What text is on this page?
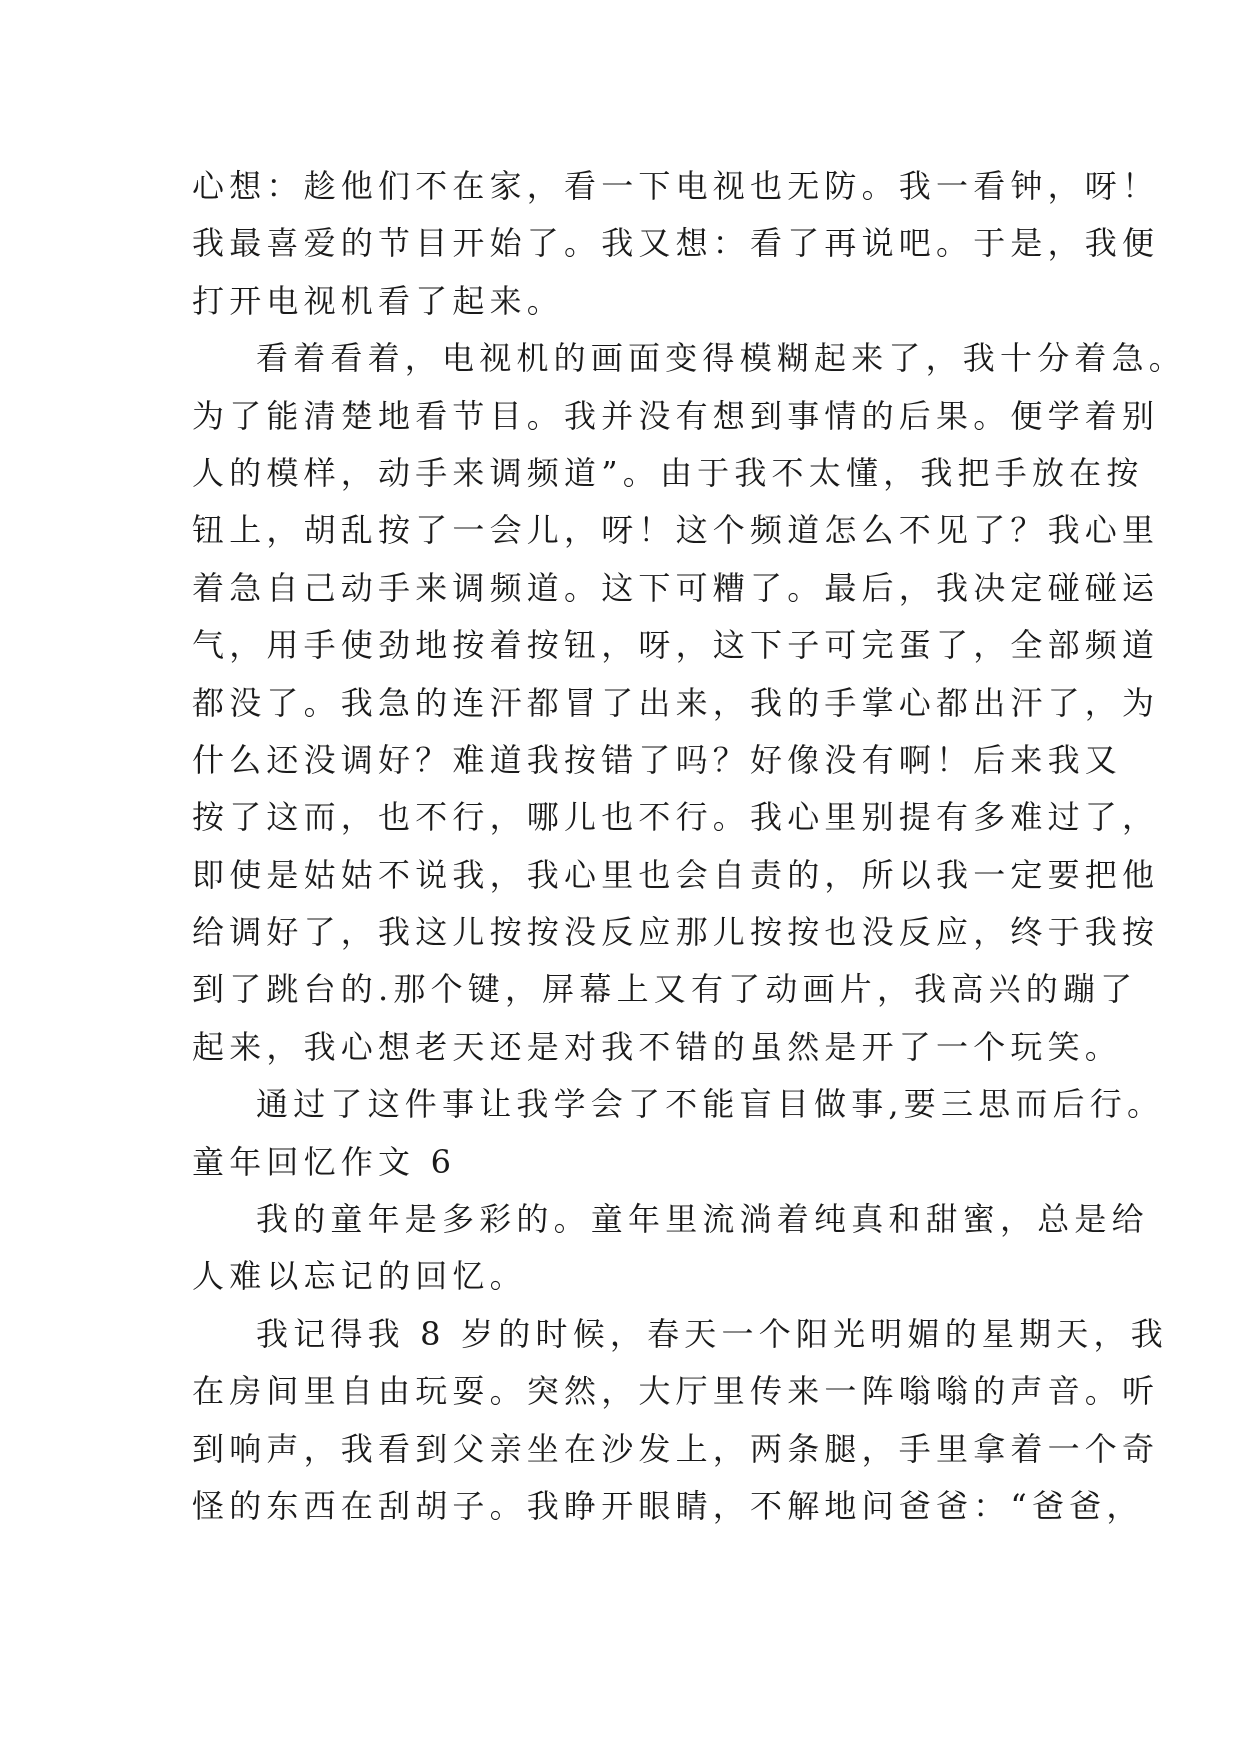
心想：趁他们不在家，看一下电视也无防。我一看钟，呀！
我最喜爱的节目开始了。我又想：看了再说吧。于是，我便
打开电视机看了起来。
看着看着，电视机的画面变得模糊起来了，我十分着急。
为了能清楚地看节目。我并没有想到事情的后果。便学着别
人的模样，动手来调频道”。由于我不太懂，我把手放在按
钮上，胡乱按了一会儿，呀！这个频道怎么不见了？我心里
着急自己动手来调频道。这下可糟了。最后，我决定碰碰运
气，用手使劲地按着按钮，呀，这下子可完蛋了，全部频道
都没了。我急的连汗都冒了出来，我的手掌心都出汗了，为
什么还没调好？难道我按错了吗？好像没有啊！后来我又
按了这而，也不行，哪儿也不行。我心里别提有多难过了，
即使是姑姑不说我，我心里也会自责的，所以我一定要把他
给调好了，我这儿按按没反应那儿按按也没反应，终于我按
到了跳台的.那个键，屏幕上又有了动画片，我高兴的蹦了
起来，我心想老天还是对我不错的虽然是开了一个玩笑。
通过了这件事让我学会了不能盲目做事,要三思而后行。
童年回忆作文 6
我的童年是多彩的。童年里流淌着纯真和甜蜜，总是给
人难以忘记的回忆。
我记得我 8 岁的时候，春天一个阳光明媚的星期天，我
在房间里自由玩耍。突然，大厅里传来一阵嗡嗡的声音。听
到响声，我看到父亲坐在沙发上，两条腿，手里拿着一个奇
怪的东西在刮胡子。我睁开眼睛，不解地问爸爸：“爸爸，
